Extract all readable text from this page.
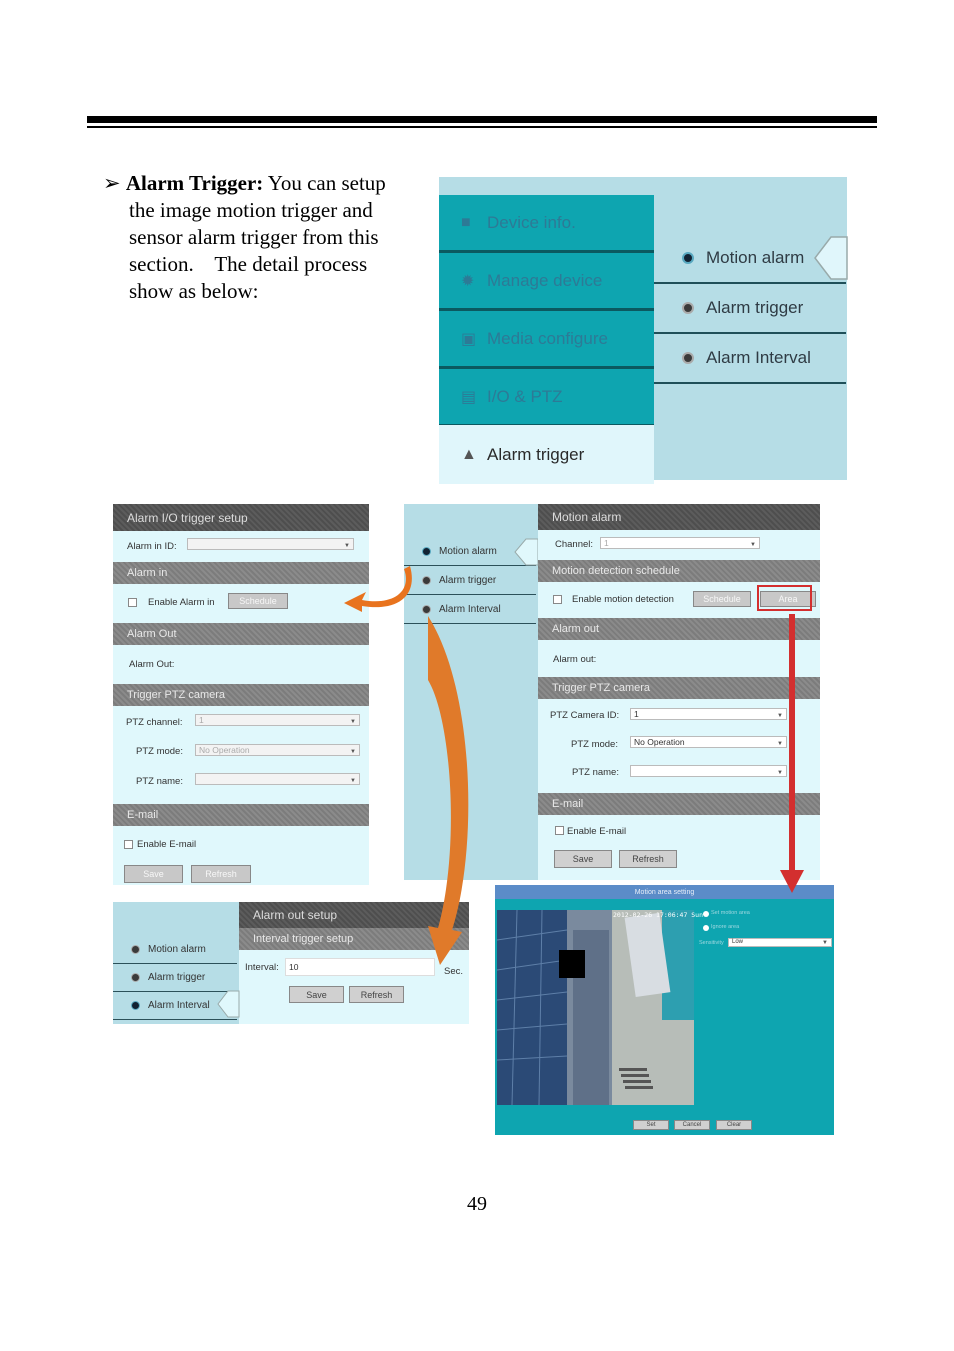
➢ Alarm Trigger: You can setup
the image motion trigger and
sensor alarm trigger from this
section.    The detail process
show as below:
■ Device info.
✹ Manage device
▣ Media configure
▤ I/O & PTZ
▲ Alarm trigger
Motion alarm
Alarm trigger
Alarm Interval
Alarm I/O trigger setup
Alarm in ID:	▼
Alarm in
Enable Alarm in	Schedule
Alarm Out
Alarm Out:
Trigger PTZ camera
PTZ channel:	1	▼
PTZ mode:	No Operation	▼
PTZ name:	▼
E-mail
Enable E-mail
Save	Refresh
Motion alarm
Alarm trigger
Alarm Interval
Motion alarm
Channel:	1	▼
Motion detection schedule
Enable motion detection	Schedule	Area
Alarm out
Alarm out:
Trigger PTZ camera
PTZ Camera ID:	1	▼
PTZ mode:	No Operation	▼
PTZ name:	▼
E-mail
Enable E-mail
Save	Refresh
Motion alarm
Alarm trigger
Alarm Interval
Alarm out setup
Interval trigger setup
Interval:	10	Sec.
Save	Refresh
Motion area setting
2012-02-26 17:06:47 Sun Set motion area
Ignore area
Sensitivity	Low	▼
Set	Cancel	Clear
49
